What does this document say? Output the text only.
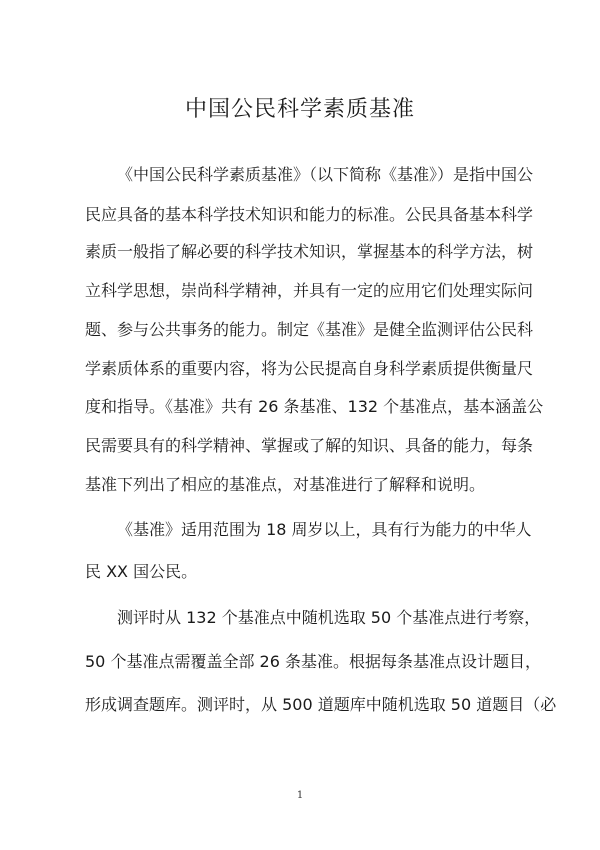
中国公民科学素质基准
《中国公民科学素质基准》（以下简称《基准》）是指中国公
民应具备的基本科学技术知识和能力的标准。公民具备基本科学
素质一般指了解必要的科学技术知识，掌握基本的科学方法，树
立科学思想，崇尚科学精神，并具有一定的应用它们处理实际问
题、参与公共事务的能力。制定《基准》是健全监测评估公民科
学素质体系的重要内容，将为公民提高自身科学素质提供衡量尺
度和指导。《基准》共有 26 条基准、132 个基准点，基本涵盖公
民需要具有的科学精神、掌握或了解的知识、具备的能力，每条
基准下列出了相应的基准点，对基准进行了解释和说明。
《基准》适用范围为 18 周岁以上，具有行为能力的中华人
民 XX 国公民。
测评时从 132 个基准点中随机选取 50 个基准点进行考察，
50 个基准点需覆盖全部 26 条基准。根据每条基准点设计题目，
形成调查题库。测评时，从 500 道题库中随机选取 50 道题目（必
1
